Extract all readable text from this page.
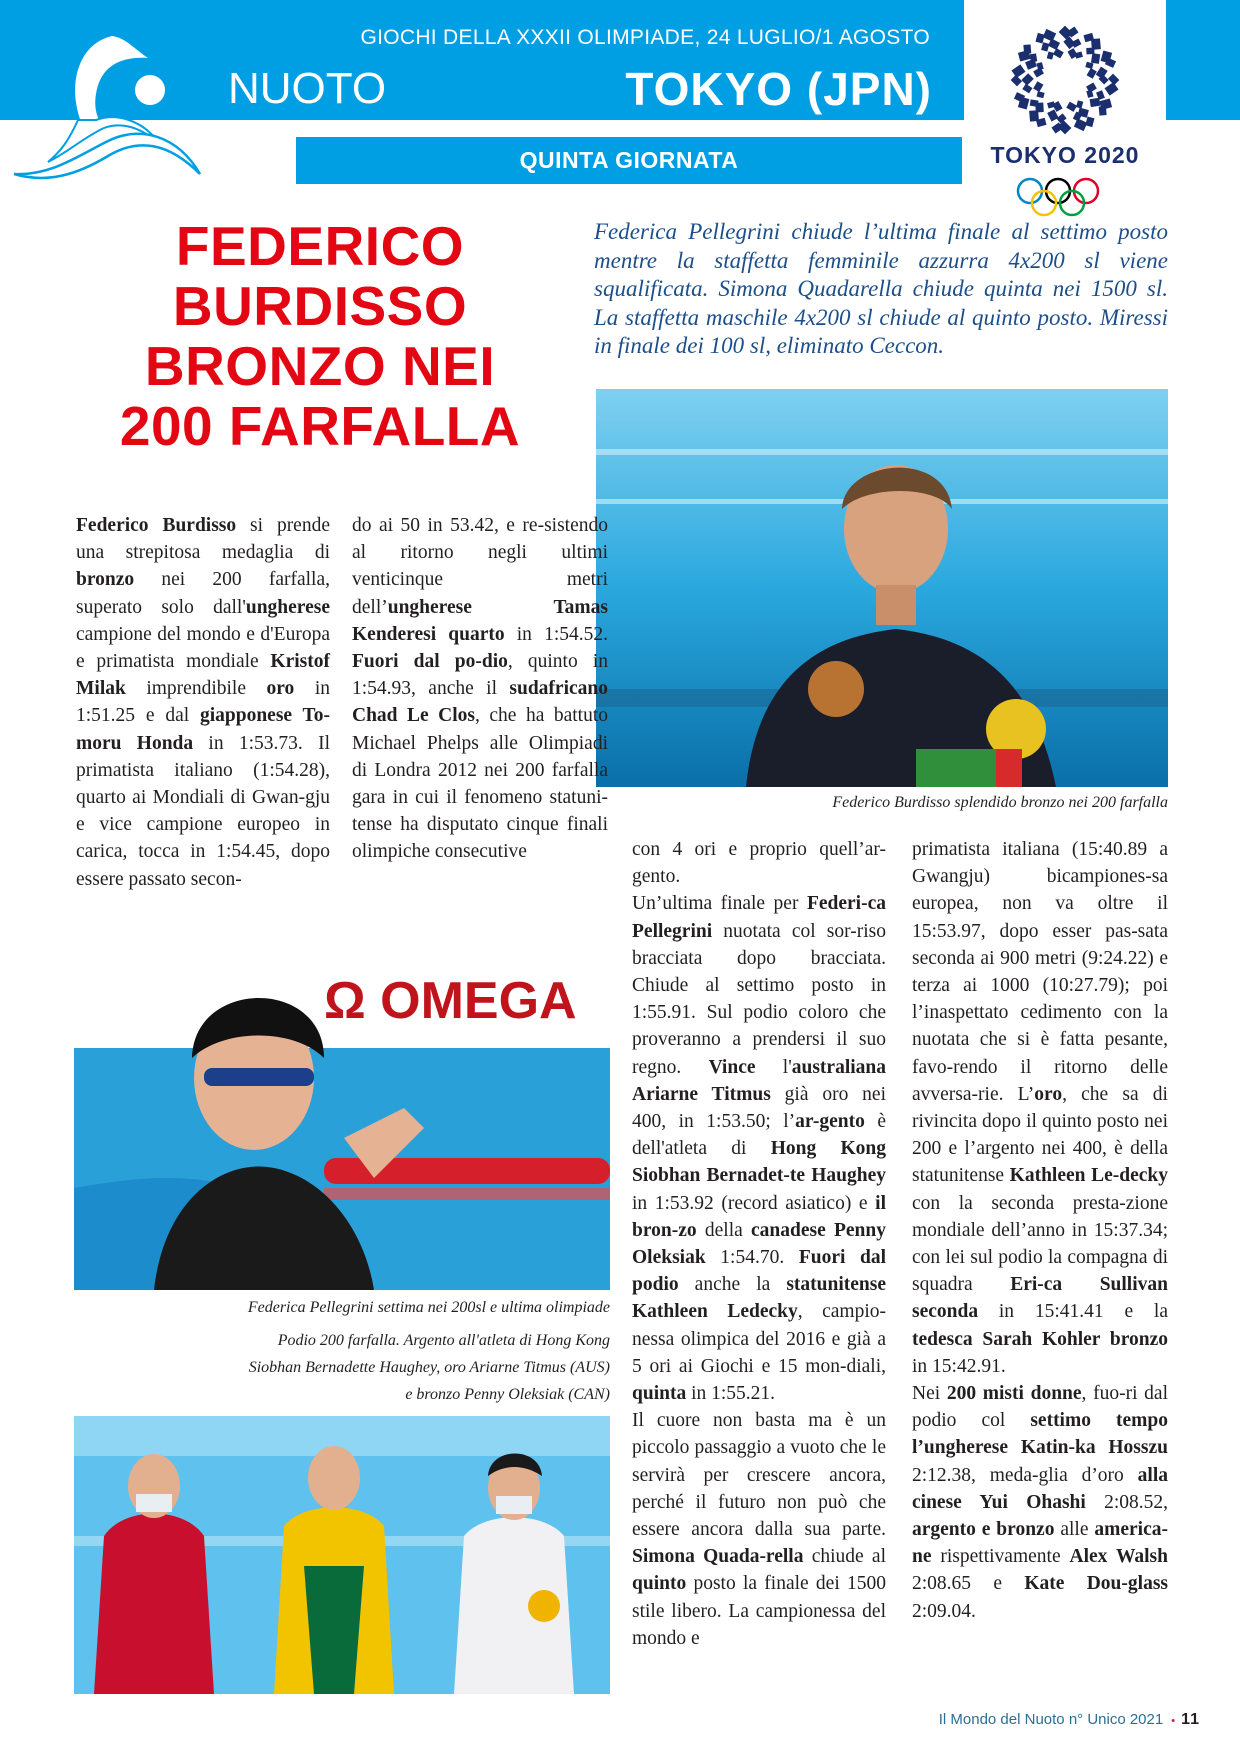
GIOCHI DELLA XXXII OLIMPIADE, 24 LUGLIO/1 AGOSTO
NUOTO	TOKYO (JPN)
QUINTA GIORNATA	TOKYO 2020
FEDERICO
BURDISSO
BRONZO NEI
200 FARFALLA
Federica Pellegrini chiude l’ultima finale al settimo posto mentre la staffetta femminile azzurra 4x200 sl viene squalificata. Simona Quadarella chiude quinta nei 1500 sl. La staffetta maschile 4x200 sl chiude al quinto posto. Miressi in finale dei 100 sl, eliminato Ceccon.
Federico Burdisso splendido bronzo nei 200 farfalla
Federico Burdisso si prende una strepitosa medaglia di bronzo nei 200 farfalla, superato solo dall'ungherese campione del mondo e d'Europa e primatista mondiale Kristof Milak imprendibile oro in 1:51.25 e dal giapponese To-moru Honda in 1:53.73. Il primatista italiano (1:54.28), quarto ai Mondiali di Gwan-gju e vice campione europeo in carica, tocca in 1:54.45, dopo essere passato secon-
do ai 50 in 53.42, e re-sistendo al ritorno negli ultimi venticinque metri dell’ungherese Tamas Kenderesi quarto in 1:54.52. Fuori dal po-dio, quinto in 1:54.93, anche il sudafricano Chad Le Clos, che ha battuto Michael Phelps alle Olimpiadi di Londra 2012 nei 200 farfalla gara in cui il fenomeno statuni-tense ha disputato cinque finali olimpiche consecutive	con 4 ori e proprio quell’ar-gento.
Un’ultima finale per Federi-ca Pellegrini nuotata col sor-riso bracciata dopo bracciata. Chiude al settimo posto in 1:55.91. Sul podio coloro che proveranno a prendersi il suo regno. Vince l'australiana Ariarne Titmus già oro nei 400, in 1:53.50; l’ar-gento è dell'atleta di Hong Kong Siobhan Bernadet-te Haughey in 1:53.92 (record asiatico) e il bron-zo della canadese Penny Oleksiak 1:54.70. Fuori dal podio anche la statunitense Kathleen Ledecky, campio-nessa olimpica del 2016 e già a 5 ori ai Giochi e 15 mon-diali, quinta in 1:55.21.
Il cuore non basta ma è un piccolo passaggio a vuoto che le servirà per crescere ancora, perché il futuro non può che essere ancora dalla sua parte. Simona Quada-rella chiude al quinto posto la finale dei 1500 stile libero. La campionessa del mondo e
primatista italiana (15:40.89 a Gwangju) bicampiones-sa europea, non va oltre il 15:53.97, dopo esser pas-sata seconda ai 900 metri (9:24.22) e terza ai 1000 (10:27.79); poi l’inaspettato cedimento con la nuotata che si è fatta pesante, favo-rendo il ritorno delle avversa-rie. L’oro, che sa di rivincita dopo il quinto posto nei 200 e l’argento nei 400, è della statunitense Kathleen Le-decky con la seconda presta-zione mondiale dell’anno in 15:37.34; con lei sul podio la compagna di squadra Eri-ca Sullivan seconda in 15:41.41 e la tedesca Sarah Kohler bronzo in 15:42.91.
Nei 200 misti donne, fuo-ri dal podio col settimo tempo l’ungherese Katin-ka Hosszu 2:12.38, meda-glia d’oro alla cinese Yui Ohashi 2:08.52, argento e bronzo alle america-ne rispettivamente Alex Walsh 2:08.65 e Kate Dou-glass 2:09.04.
Ω OMEGA
Federica Pellegrini settima nei 200sl e ultima olimpiade
Podio 200 farfalla. Argento all'atleta di Hong Kong
Siobhan Bernadette Haughey, oro Ariarne Titmus (AUS)
e bronzo Penny Oleksiak (CAN)
Il Mondo del Nuoto n° Unico 2021 • 11
